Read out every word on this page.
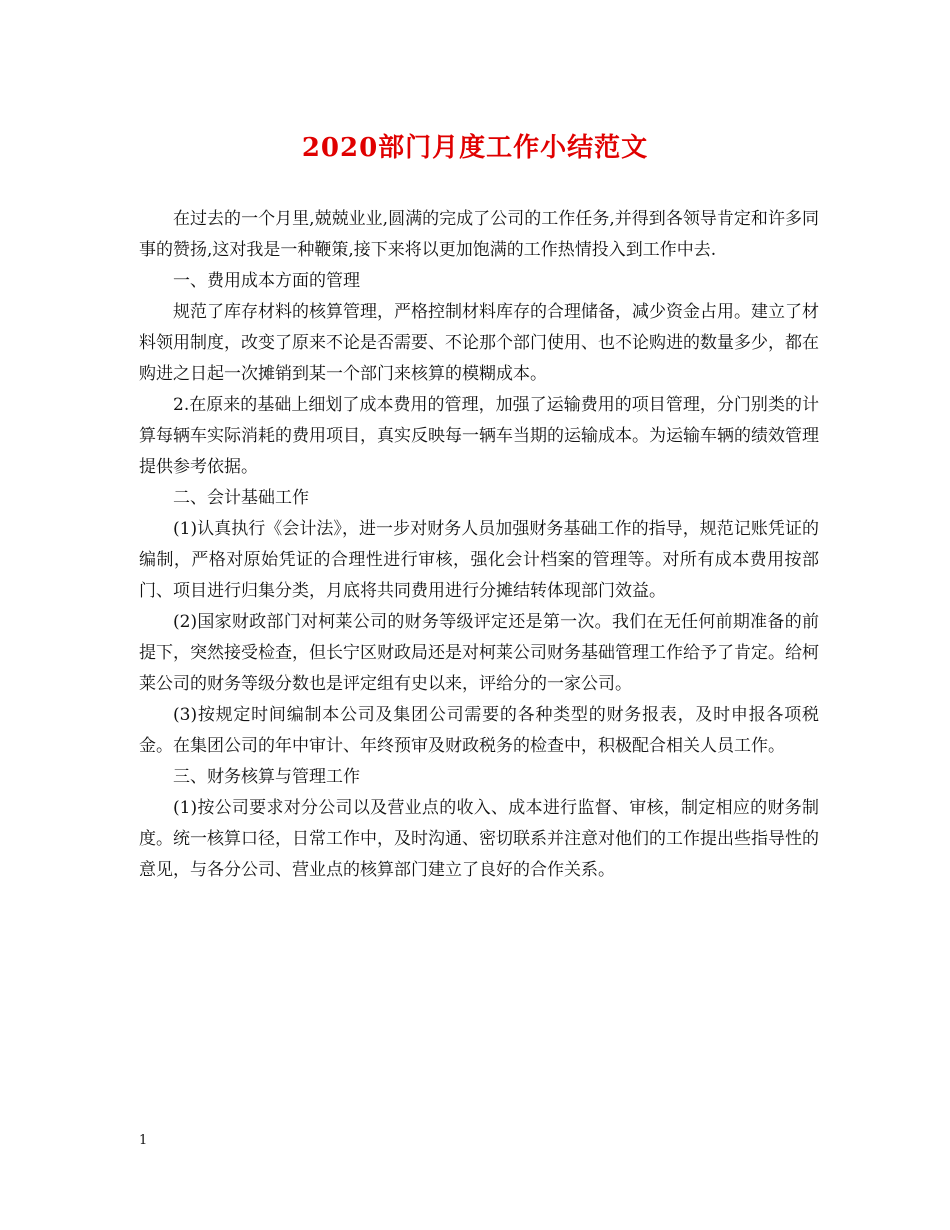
2020部门月度工作小结范文

在过去的一个月里,兢兢业业,圆满的完成了公司的工作任务,并得到各领导肯定和许多同事的赞扬,这对我是一种鞭策,接下来将以更加饱满的工作热情投入到工作中去.

一、费用成本方面的管理

规范了库存材料的核算管理，严格控制材料库存的合理储备，减少资金占用。建立了材料领用制度，改变了原来不论是否需要、不论那个部门使用、也不论购进的数量多少，都在购进之日起一次摊销到某一个部门来核算的模糊成本。

2.在原来的基础上细划了成本费用的管理，加强了运输费用的项目管理，分门别类的计算每辆车实际消耗的费用项目，真实反映每一辆车当期的运输成本。为运输车辆的绩效管理提供参考依据。

二、会计基础工作

(1)认真执行《会计法》，进一步对财务人员加强财务基础工作的指导，规范记账凭证的编制，严格对原始凭证的合理性进行审核，强化会计档案的管理等。对所有成本费用按部门、项目进行归集分类，月底将共同费用进行分摊结转体现部门效益。

(2)国家财政部门对柯莱公司的财务等级评定还是第一次。我们在无任何前期准备的前提下，突然接受检查，但长宁区财政局还是对柯莱公司财务基础管理工作给予了肯定。给柯莱公司的财务等级分数也是评定组有史以来，评给分的一家公司。

(3)按规定时间编制本公司及集团公司需要的各种类型的财务报表，及时申报各项税金。在集团公司的年中审计、年终预审及财政税务的检查中，积极配合相关人员工作。

三、财务核算与管理工作

(1)按公司要求对分公司以及营业点的收入、成本进行监督、审核，制定相应的财务制度。统一核算口径，日常工作中，及时沟通、密切联系并注意对他们的工作提出些指导性的意见，与各分公司、营业点的核算部门建立了良好的合作关系。

1
